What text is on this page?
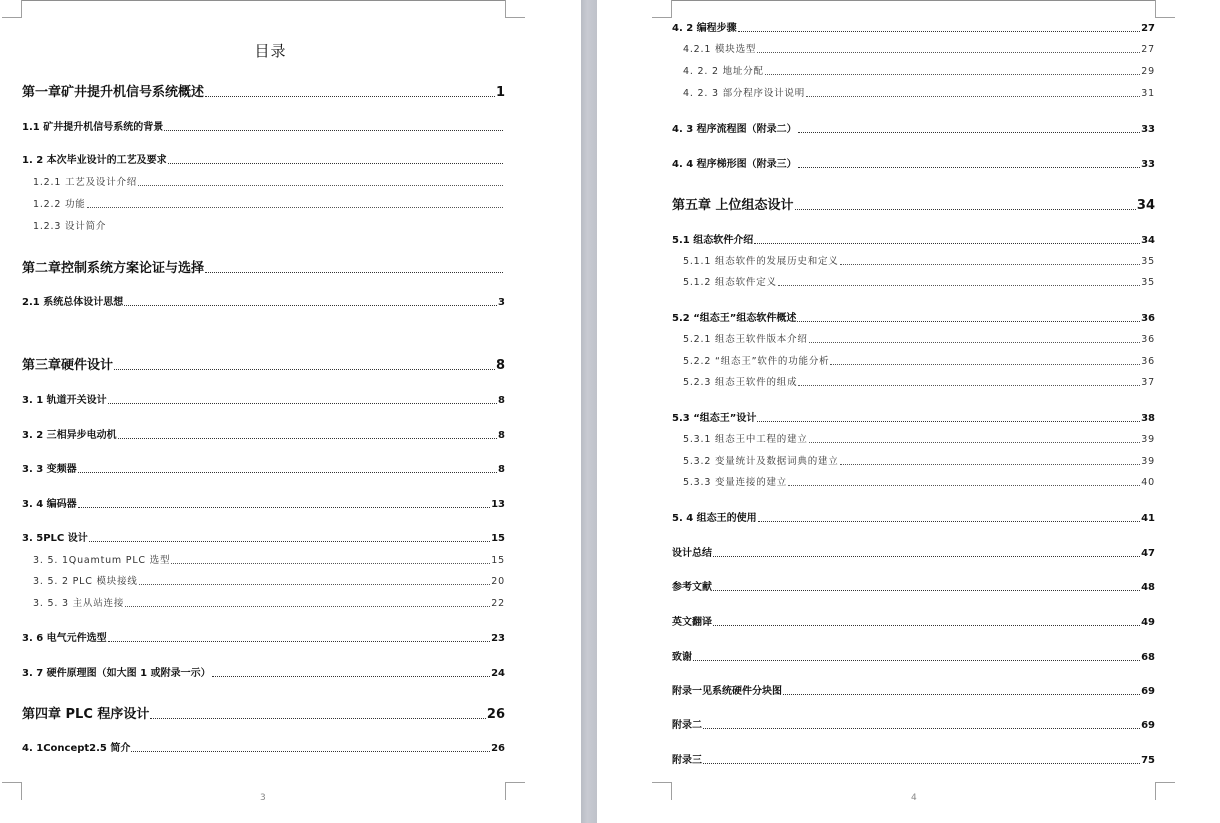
目录
第一章矿井提升机信号系统概述	1
1.1 矿井提升机信号系统的背景
1. 2 本次毕业设计的工艺及要求
1.2.1 工艺及设计介绍
1.2.2 功能
1.2.3 设计简介
第二章控制系统方案论证与选择
2.1 系统总体设计思想	3
第三章硬件设计	8
3. 1 轨道开关设计	8
3. 2 三相异步电动机	8
3. 3 变频器	8
3. 4 编码器	13
3. 5PLC 设计	15
3. 5. 1Quamtum PLC 选型	15
3. 5. 2 PLC 模块接线	20
3. 5. 3 主从站连接	22
3. 6 电气元件选型	23
3. 7 硬件原理图（如大图 1 或附录一示）	24
第四章 PLC 程序设计	26
4. 1Concept2.5 简介	26
3
4. 2 编程步骤	27
4.2.1 模块选型	27
4. 2. 2 地址分配	29
4. 2. 3 部分程序设计说明	31
4. 3 程序流程图（附录二）	33
4. 4 程序梯形图（附录三）	33
第五章 上位组态设计	34
5.1 组态软件介绍	34
5.1.1 组态软件的发展历史和定义	35
5.1.2 组态软件定义	35
5.2 “组态王”组态软件概述	36
5.2.1 组态王软件版本介绍	36
5.2.2 “组态王”软件的功能分析	36
5.2.3 组态王软件的组成	37
5.3 “组态王”设计	38
5.3.1 组态王中工程的建立	39
5.3.2 变量统计及数据词典的建立	39
5.3.3 变量连接的建立	40
5. 4 组态王的使用	41
设计总结	47
参考文献	48
英文翻译	49
致谢	68
附录一见系统硬件分块图	69
附录二	69
附录三	75
4
